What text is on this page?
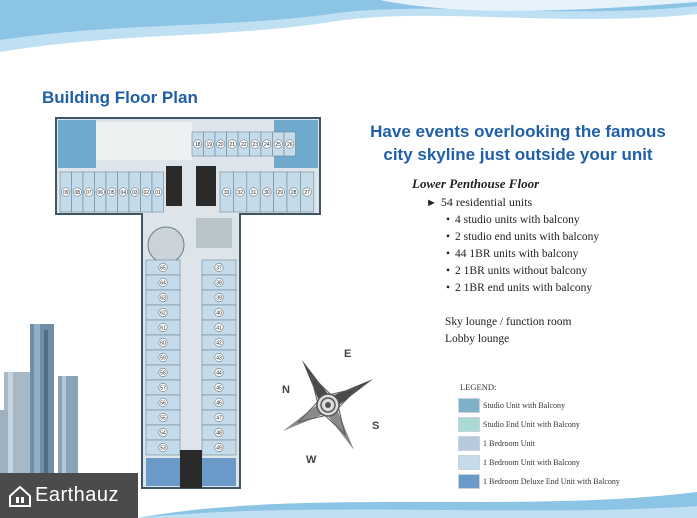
Building Floor Plan
18 19 20 21 22 23 24 25 26
09 08 07 06 05 04 03 02 01	33 32 31 30 29 28 27
65
64
63
62
61
60
59
58
57
56
55
54
53
37
38
39
40
41
42
43
44
45
46
47
48
49
Have events overlooking the famous
city skyline just outside your unit
Lower Penthouse Floor
► 54 residential units
• 4 studio units with balcony
• 2 studio end units with balcony
• 44 1BR units with balcony
• 2 1BR units without balcony
• 2 1BR end units with balcony
Sky lounge / function room
Lobby lounge
N
E
S
W
LEGEND:
Studio Unit with Balcony
Studio End Unit with Balcony
1 Bedroom Unit
1 Bedroom Unit with Balcony
1 Bedroom Deluxe End Unit with Balcony
Earthauz
